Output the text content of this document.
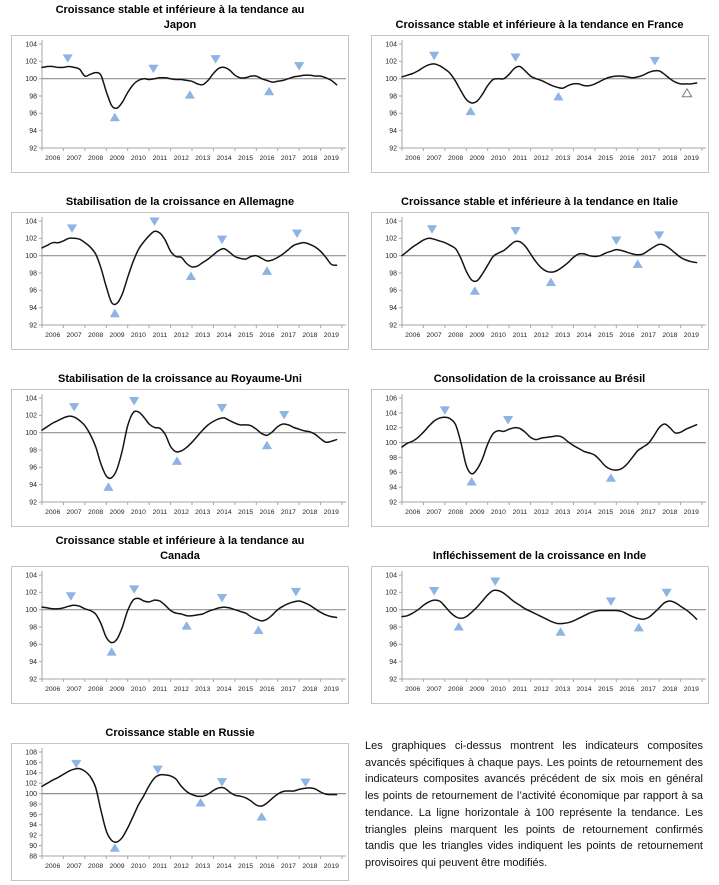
Croissance stable et inférieure à la tendance au
Japon
92
94
96
98
100
102
104
2006 2007 2008 2009 2010 2011 2012 2013 2014 2015 2016 2017 2018 2019
Croissance stable et inférieure à la tendance en France
92
94
96
98
100
102
104
2006 2007 2008 2009 2010 2011 2012 2013 2014 2015 2016 2017 2018 2019
Stabilisation de la croissance en Allemagne
92
94
96
98
100
102
104
2006 2007 2008 2009 2010 2011 2012 2013 2014 2015 2016 2017 2018 2019
Croissance stable et inférieure à la tendance en Italie
92
94
96
98
100
102
104
2006 2007 2008 2009 2010 2011 2012 2013 2014 2015 2016 2017 2018 2019
Stabilisation de la croissance au Royaume-Uni
92
94
96
98
100
102
104
2006 2007 2008 2009 2010 2011 2012 2013 2014 2015 2016 2017 2018 2019
Consolidation de la croissance au Brésil
92
94
96
98
100
102
104
106
2006 2007 2008 2009 2010 2011 2012 2013 2014 2015 2016 2017 2018 2019
Croissance stable et inférieure à la tendance au
Canada
92
94
96
98
100
102
104
2006 2007 2008 2009 2010 2011 2012 2013 2014 2015 2016 2017 2018 2019
Infléchissement de la croissance en Inde
92
94
96
98
100
102
104
2006 2007 2008 2009 2010 2011 2012 2013 2014 2015 2016 2017 2018 2019
Croissance stable en Russie
88
90
92
94
96
98
100
102
104
106
108
2006 2007 2008 2009 2010 2011 2012 2013 2014 2015 2016 2017 2018 2019

Les graphiques ci-dessus montrent les indicateurs composites avancés spécifiques à chaque pays. Les points de retournement des indicateurs composites avancés précédent de six mois en général les points de retournement de l’activité économique par rapport à sa tendance. La ligne horizontale à 100 représente la tendance. Les triangles pleins marquent les points de retournement confirmés tandis que les triangles vides indiquent les points de retournement provisoires qui peuvent être modifiés.
